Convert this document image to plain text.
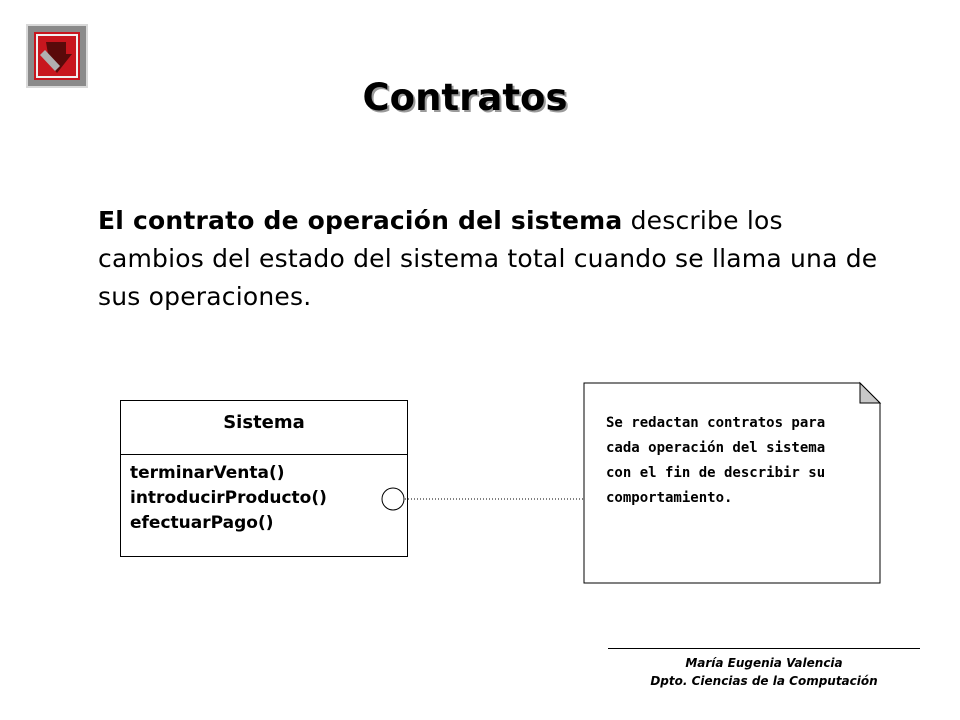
Contratos
El contrato de operación del sistema describe los cambios del estado del sistema total cuando se llama una de sus operaciones.
Sistema
terminarVenta()
introducirProducto()
efectuarPago()
Se redactan contratos para cada operación del sistema con el fin de describir su comportamiento.
María Eugenia Valencia
Dpto. Ciencias de la Computación
